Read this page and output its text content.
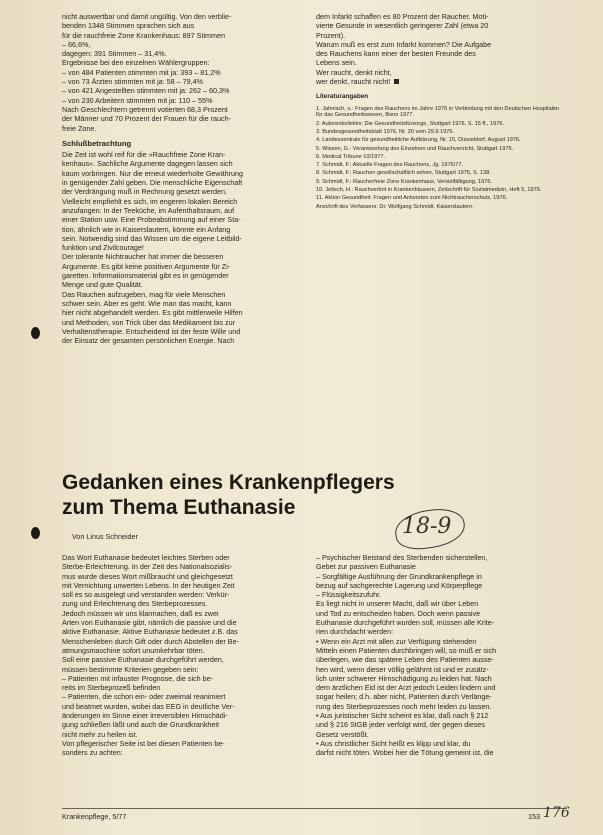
nicht auswertbar und damit ungültig. Von den verblie-

benden 1348 Stimmen sprachen sich aus

für die rauchfreie Zone Krankenhaus: 897 Stimmen

– 66,6%,

dagegen: 391 Stimmen – 31,4%.

Ergebnisse bei den einzelnen Wählergruppen:

– von 484 Patienten stimmten mit ja: 393 – 81,2%

– von 73 Ärzten stimmten mit ja: 58 – 79,4%

– von 421 Angestellten stimmten mit ja: 262 – 60,3%

– von 230 Arbeitern stimmten mit ja: 110 – 55%

Nach Geschlechtern getrennt votierten 68,3 Prozent

der Männer und 70 Prozent der Frauen für die rauch-

freie Zone.

Schlußbetrachtung

Die Zeit ist wohl reif für die »Rauchfreie Zone Kran-

kenhaus«. Sachliche Argumente dagegen lassen sich

kaum vorbringen. Nur die erneut wiederholte Gewährung

in genügender Zahl geben. Die menschliche Eigenschaft

der Verdrängung muß in Rechnung gesetzt werden.

Vielleicht empfiehlt es sich, im engeren lokalen Bereich

anzufangen: In der Teeküche, im Aufenthaltsraum, auf

einer Station usw. Eine Probeabstimmung auf einer Sta-

tion, ähnlich wie in Kaiserslautern, könnte ein Anfang

sein. Notwendig sind das Wissen um die eigene Leitbild-

funktion und Zivilcourage!

Der tolerante Nichtraucher hat immer die besseren

Argumente. Es gibt keine positiven Argumente für Zi-

garetten. Informationsmaterial gibt es in genügender

Menge und gute Qualität.

Das Rauchen aufzugeben, mag für viele Menschen

schwer sein. Aber es geht. Wie man das macht, kann

hier nicht abgehandelt werden. Es gibt mittlerweile Hilfen

und Methoden, von Trick über das Medikament bis zur

Verhaltenstherapie. Entscheidend ist der feste Wille und

der Einsatz der gesamten persönlichen Energie. Nach

dem Infarkt schaffen es 80 Prozent der Raucher. Moti-

vierte Gesunde in wesentlich geringerer Zahl (etwa 20

Prozent).

Warum muß es erst zum Infarkt kommen? Die Aufgabe

des Rauchens kann einer der besten Freunde des

Lebens sein.

Wer raucht, denkt nicht,

wer denkt, raucht nicht!

Literaturangaben

1. Jahnisch, u.: Fragen des Rauchens im Jahre 1976 in Verbindung mit den Deutschen Hospitalen für das Gesundheitswesen, Bonn 1977.

2. Autorenkollektiv: Die Gesundheitsfürsorge, Stuttgart 1976, S. 15 ff., 1976.

3. Bundesgesundheitsblatt 1976, Nr. 20 vom 29.9.1976.

4. Landeszentrale für gesundheitliche Aufklärung, Nr. 15, Düsseldorf, August 1976.

5. Wissen, G.: Verantwortung des Einzelnen und Rauchverzicht, Stuttgart 1975.

6. Medical Tribune 10/1977.

7. Schmidt, F.: Aktuelle Fragen des Rauchens, Jg. 1976/77.

8. Schmidt, F.: Rauchen gesellschaftlich sehen, Stuttgart 1975, S. 138.

9. Schmidt, F.: Raucherfreie Zone Krankenhaus, Vervielfältigung, 1976.

10. Jeltsch, H.: Rauchverbot in Krankenhäusern, Zeitschrift für Sozialmedizin, Heft 5, 1976.

11. Aktion Gesundheit: Fragen und Antworten zum Nichtraucherschutz, 1976.

Anschrift des Verfassers: Dr. Wolfgang Schmidt, Kaiserslautern.

Gedanken eines Krankenpflegers zum Thema Euthanasie
Von Linus Schneider	18-9

Das Wort Euthanasie bedeutet leichtes Sterben oder

Sterbe-Erleichterung. In der Zeit des Nationalsozialis-

mus wurde dieses Wort mißbraucht und gleichgesetzt

mit Vernichtung unwerten Lebens. In der heutigen Zeit

soll es so ausgelegt und verstanden werden: Verkür-

zung und Erleichterung des Sterbeprozesses.

Jedoch müssen wir uns klarmachen, daß es zwei

Arten von Euthanasie gibt, nämlich die passive und die

aktive Euthanasie. Aktive Euthanasie bedeutet z.B. das

Menschenleben durch Gift oder durch Abstellen der Be-

atmungsmaschine sofort unumkehrbar töten.

Soll eine passive Euthanasie durchgeführt werden,

müssen bestimmte Kriterien gegeben sein:

– Patienten mit infauster Prognose, die sich be-

reits im Sterbeprozeß befinden

– Patienten, die schon ein- oder zweimal reanimiert

und beatmet wurden, wobei das EEG in deutliche Ver-

änderungen im Sinne einer irreversiblen Hirnschädi-

gung schließen läßt und auch die Grundkrankheit

nicht mehr zu heilen ist.

Von pflegerischer Seite ist bei diesen Patienten be-

sonders zu achten:

– Psychischer Beistand des Sterbenden sicherstellen,

Gebet zur passiven Euthanasie

– Sorgfältige Ausführung der Grundkrankenpflege in

bezug auf sachgerechte Lagerung und Körperpflege

– Flüssigkeitszufuhr.

Es liegt nicht in unserer Macht, daß wir über Leben

und Tod zu entscheiden haben. Doch wenn passive

Euthanasie durchgeführt wurden soll, müssen alle Krite-

rien durchdacht werden:

• Wenn ein Arzt mit allen zur Verfügung stehenden

Mitteln einen Patienten durchbringen will, so muß er sich

überlegen, wie das spätere Leben des Patienten ausse-

hen wird, wenn dieser völlig gelähmt ist und er zusätz-

lich unter schwerer Hirnschädigung zu leiden hat. Nach

dem ärztlichen Eid ist der Arzt jedoch Leiden lindern und

sogar heilen; d.h. aber nicht, Patienten durch Verlänge-

rung des Sterbeprozesses noch mehr leiden zu lassen.

• Aus juristischer Sicht scheint es klar, daß nach § 212

und § 216 StGB jeder verfolgt wird, der gegen dieses

Gesetz verstößt.

• Aus christlicher Sicht heißt es klipp und klar, du

darfst nicht töten. Wobei hier die Tötung gemeint ist, die

Krankenpflege, 5/77	153 176
